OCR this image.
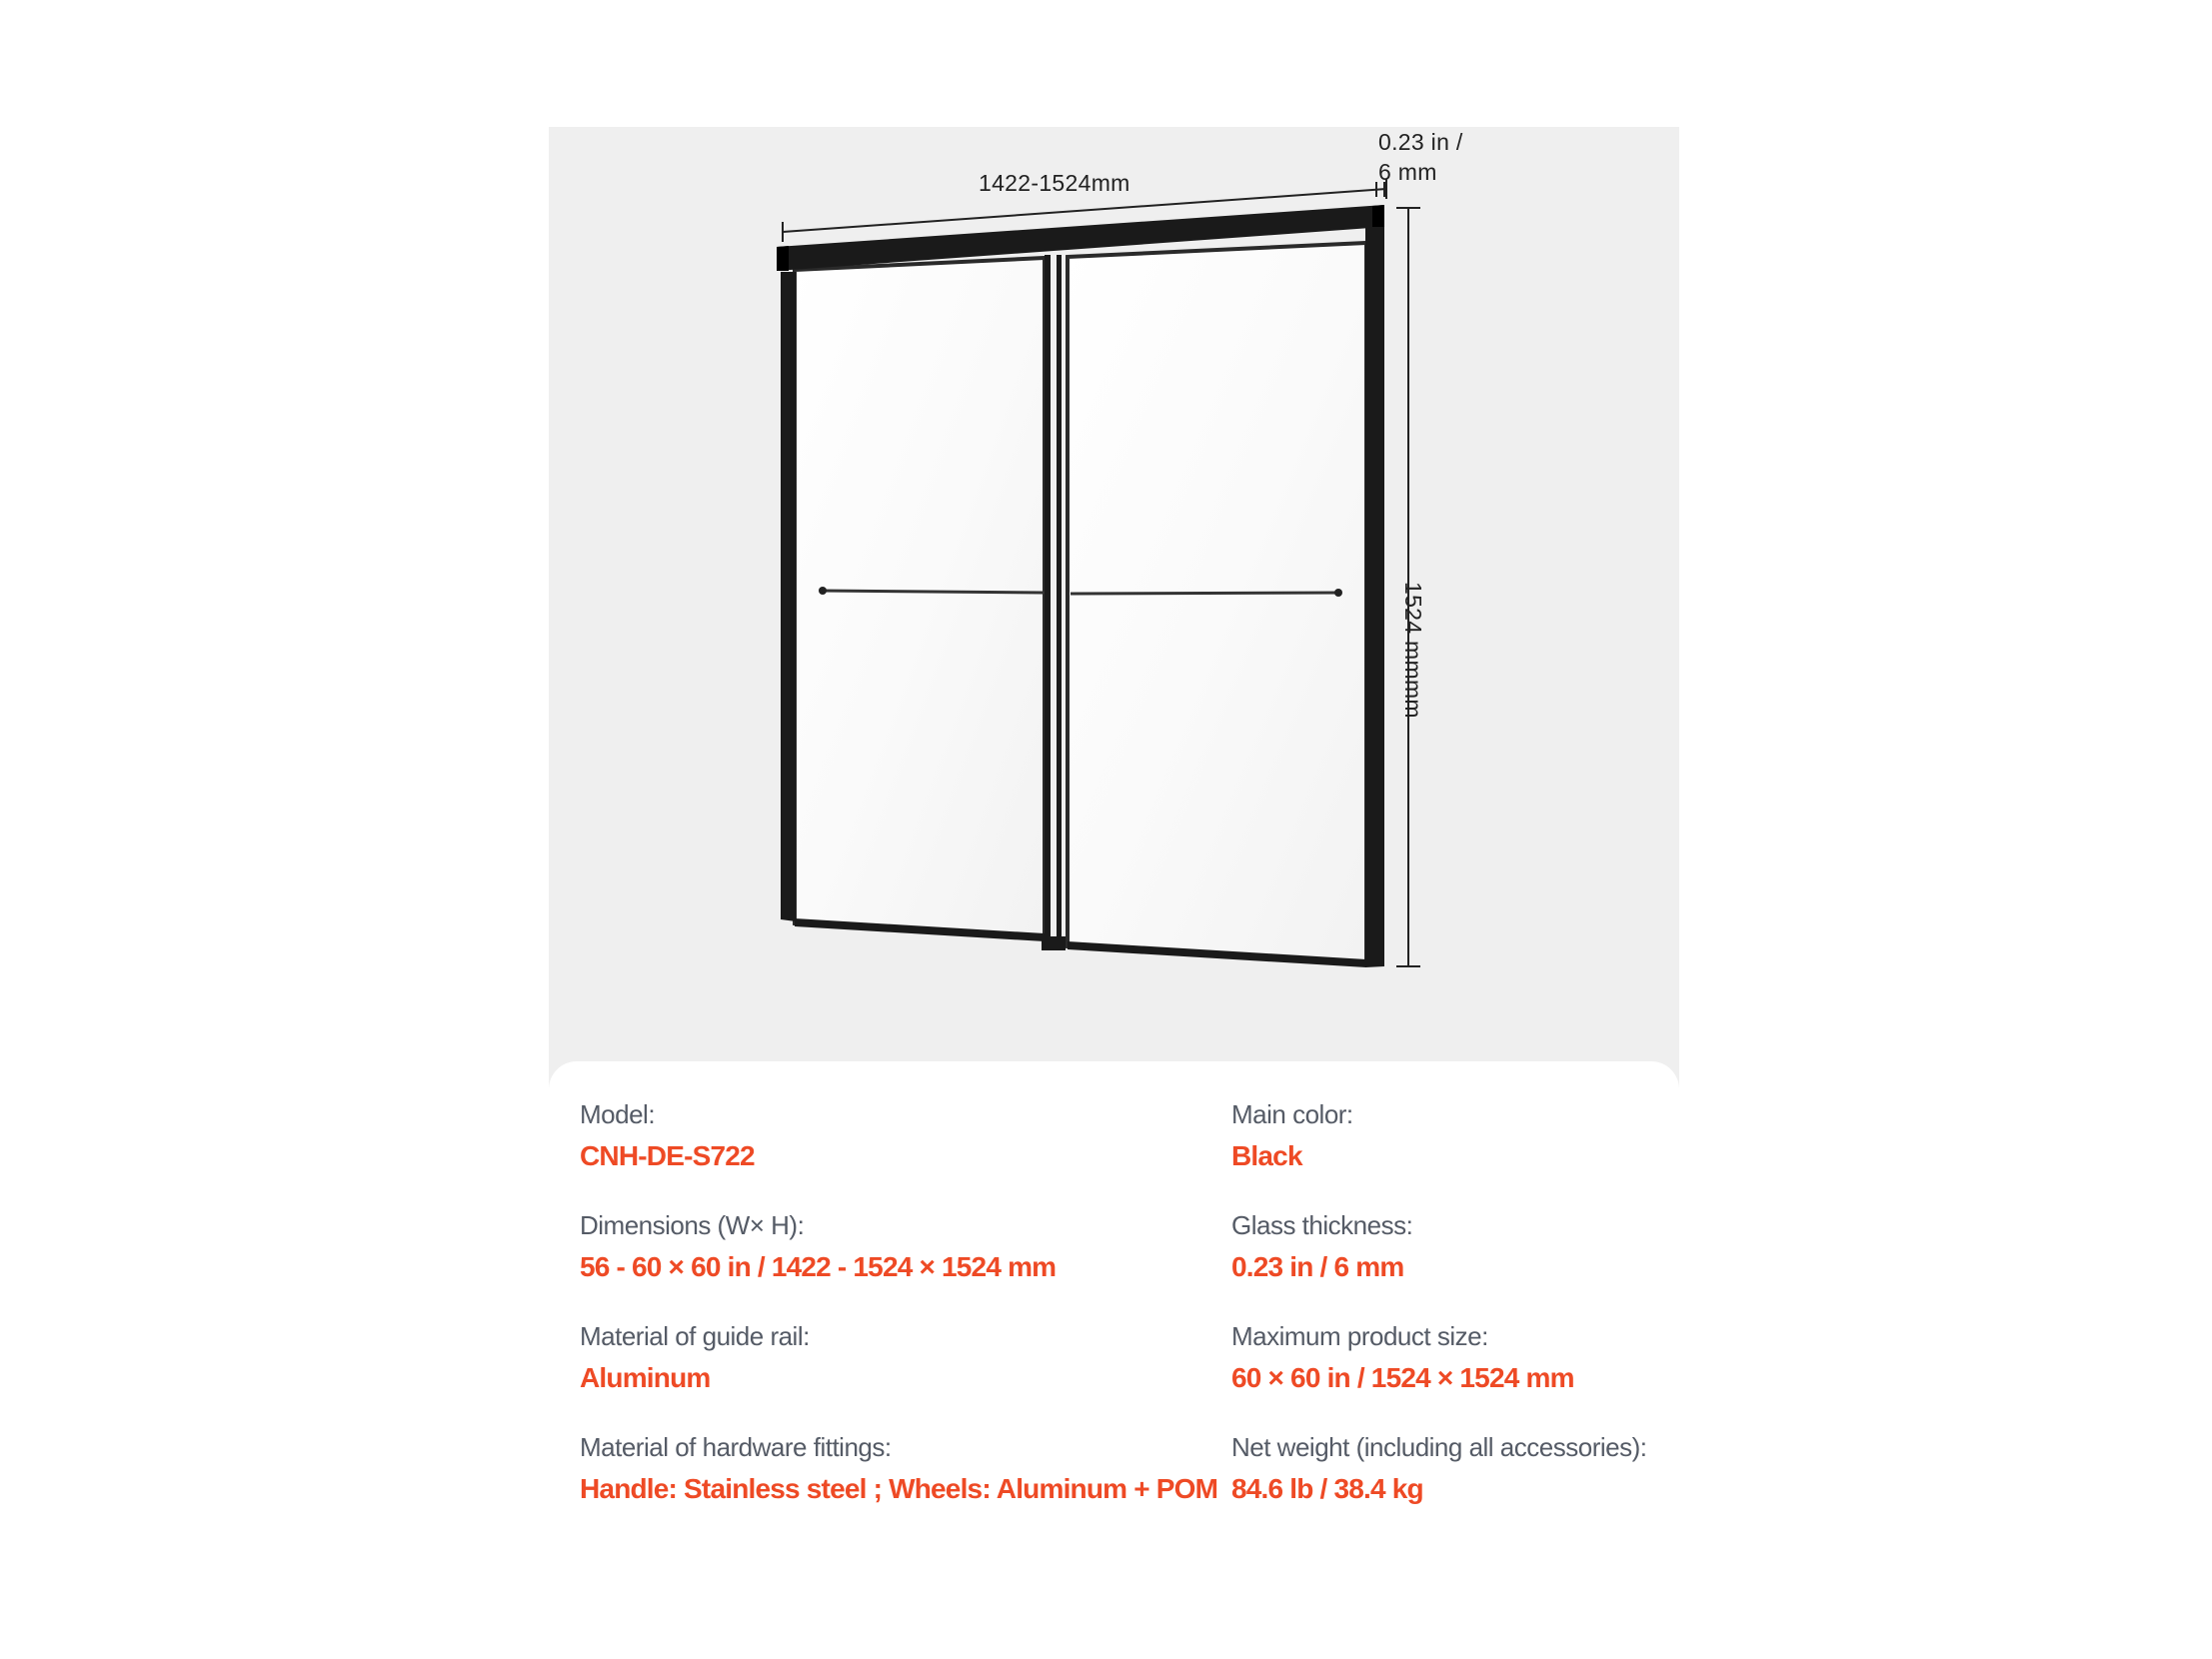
1422-1524mm
0.23 in /
6 mm
1524 mmmm
Model:
CNH-DE-S722
Dimensions (W× H):
56 - 60 × 60 in / 1422 - 1524 × 1524 mm
Material of guide rail:
Aluminum
Material of hardware fittings:
Handle: Stainless steel ; Wheels: Aluminum + POM
Main color:
Black
Glass thickness:
0.23 in / 6 mm
Maximum product size:
60 × 60 in / 1524 × 1524 mm
Net weight (including all accessories):
84.6 lb / 38.4 kg
